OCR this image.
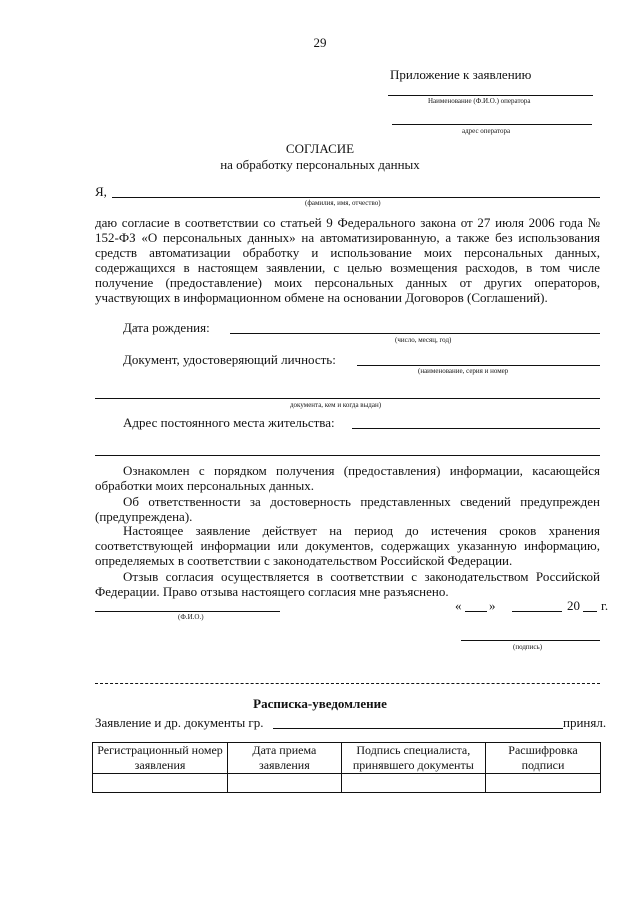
29
Приложение к заявлению
Наименование (Ф.И.О.) оператора
адрес оператора
СОГЛАСИЕ
на обработку персональных данных
Я,
(фамилия, имя, отчество)
даю согласие в соответствии со статьей 9 Федерального закона от 27 июля 2006 года № 152-ФЗ «О персональных данных» на автоматизированную, а также без использования средств автоматизации обработку и использование моих персональных данных, содержащихся в настоящем заявлении, с целью возмещения расходов, в том числе получение (предоставление) моих персональных данных от других операторов, участвующих в информационном обмене на основании Договоров (Соглашений).
Дата рождения:
(число, месяц, год)
Документ, удостоверяющий личность:
(наименование, серия и номер
документа, кем и когда выдан)
Адрес постоянного места жительства:
Ознакомлен с порядком получения (предоставления) информации, касающейся обработки моих персональных данных.
Об ответственности за достоверность представленных сведений предупрежден (предупреждена).
Настоящее заявление действует на период до истечения сроков хранения соответствующей информации или документов, содержащих указанную информацию, определяемых в соответствии с законодательством Российской Федерации.
Отзыв согласия осуществляется в соответствии с законодательством Российской Федерации. Право отзыва настоящего согласия мне разъяснено.
(Ф.И.О.)
« »	20 г.
(подпись)
Расписка-уведомление
Заявление и др. документы гр.	принял.
Регистрационный номер заявления	Дата приема заявления	Подпись специалиста, принявшего документы	Расшифровка подписи
